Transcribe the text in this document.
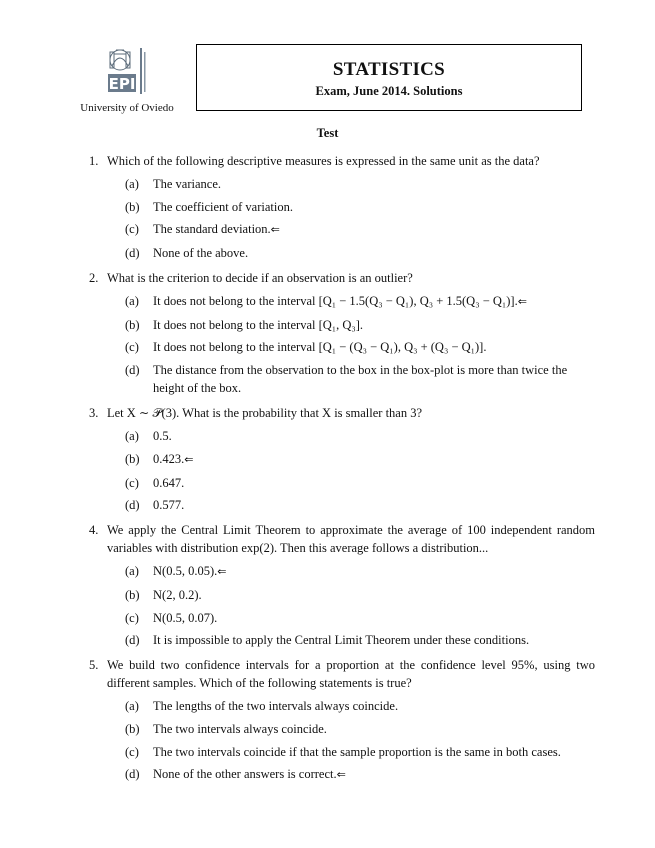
EPI
University of Oviedo
STATISTICS
Exam, June 2014. Solutions
Test
1. Which of the following descriptive measures is expressed in the same unit as the data?
(a) The variance.
(b) The coefficient of variation.
(c) The standard deviation.⇐
(d) None of the above.
2. What is the criterion to decide if an observation is an outlier?
(a) It does not belong to the interval [Q₁ − 1.5(Q₃ − Q₁), Q₃ + 1.5(Q₃ − Q₁)].⇐
(b) It does not belong to the interval [Q₁, Q₃].
(c) It does not belong to the interval [Q₁ − (Q₃ − Q₁), Q₃ + (Q₃ − Q₁)].
(d) The distance from the observation to the box in the box-plot is more than twice the height of the box.
3. Let X ∼ 𝒫(3). What is the probability that X is smaller than 3?
(a) 0.5.
(b) 0.423.⇐
(c) 0.647.
(d) 0.577.
4. We apply the Central Limit Theorem to approximate the average of 100 independent random variables with distribution exp(2). Then this average follows a distribution...
(a) N(0.5, 0.05).⇐
(b) N(2, 0.2).
(c) N(0.5, 0.07).
(d) It is impossible to apply the Central Limit Theorem under these conditions.
5. We build two confidence intervals for a proportion at the confidence level 95%, using two different samples. Which of the following statements is true?
(a) The lengths of the two intervals always coincide.
(b) The two intervals always coincide.
(c) The two intervals coincide if that the sample proportion is the same in both cases.
(d) None of the other answers is correct.⇐
